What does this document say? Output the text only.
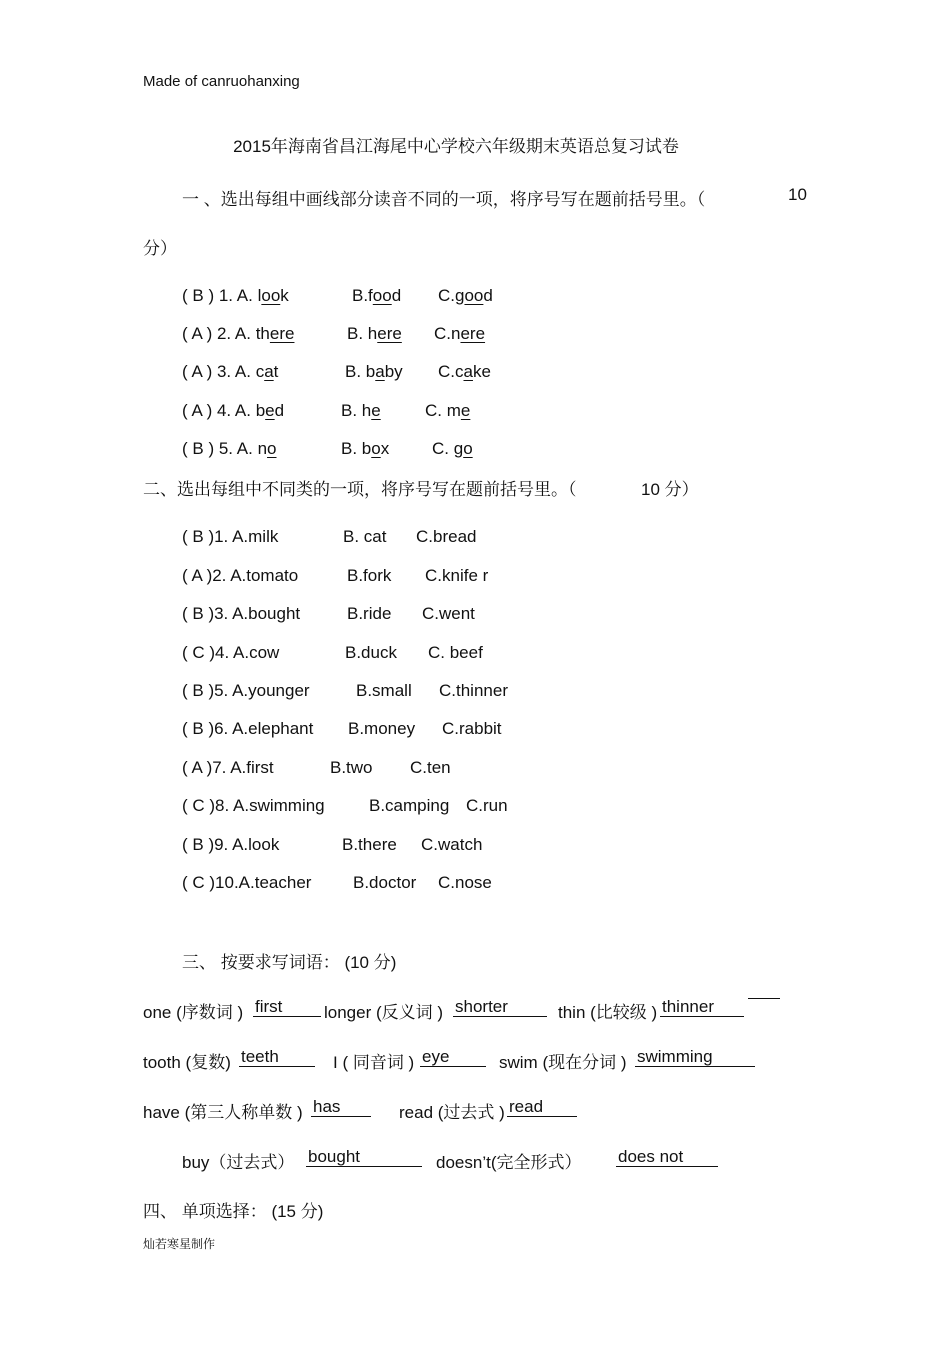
Made of canruohanxing
2015年海南省昌江海尾中心学校六年级期末英语总复习试卷
一 、选出每组中画线部分读音不同的一项，将序号写在题前括号里。（	10
分）
( B ) 1. A. look	B.food C.good
( A ) 2. A. there	B. here C.nere
( A ) 3. A. cat	B. baby C.cake
( A ) 4. A. bed	B. he	C. me
( B ) 5. A. no	B. box	C. go
二、选出每组中不同类的一项，将序号写在题前括号里。（	10 分）
( B )1. A.milk	B. cat C.bread
( A )2. A.tomato	B.fork C.knife r
( B )3. A.bought	B.ride C.went
( C )4. A.cow	B.duck C. beef
( B )5. A.younger	B.small C.thinner
( B )6. A.elephant B.money C.rabbit
( A )7. A.first	B.two C.ten
( C )8. A.swimming	B.camping C.run
( B )9. A.look	B.there C.watch
( C )10.A.teacher B.doctor C.nose
三、 按要求写词语： (10 分)
one (序数词 ) first	longer (反义词 ) shorter	thin (比较级 ) thinner
tooth (复数) teeth	I ( 同音词 ) eye	swim (现在分词 ) swimming
have (第三人称单数 ) has	read (过去式 ) read
buy（过去式） bought	doesn’t(完全形式） does not
四、 单项选择： (15 分)
灿若寒星制作
